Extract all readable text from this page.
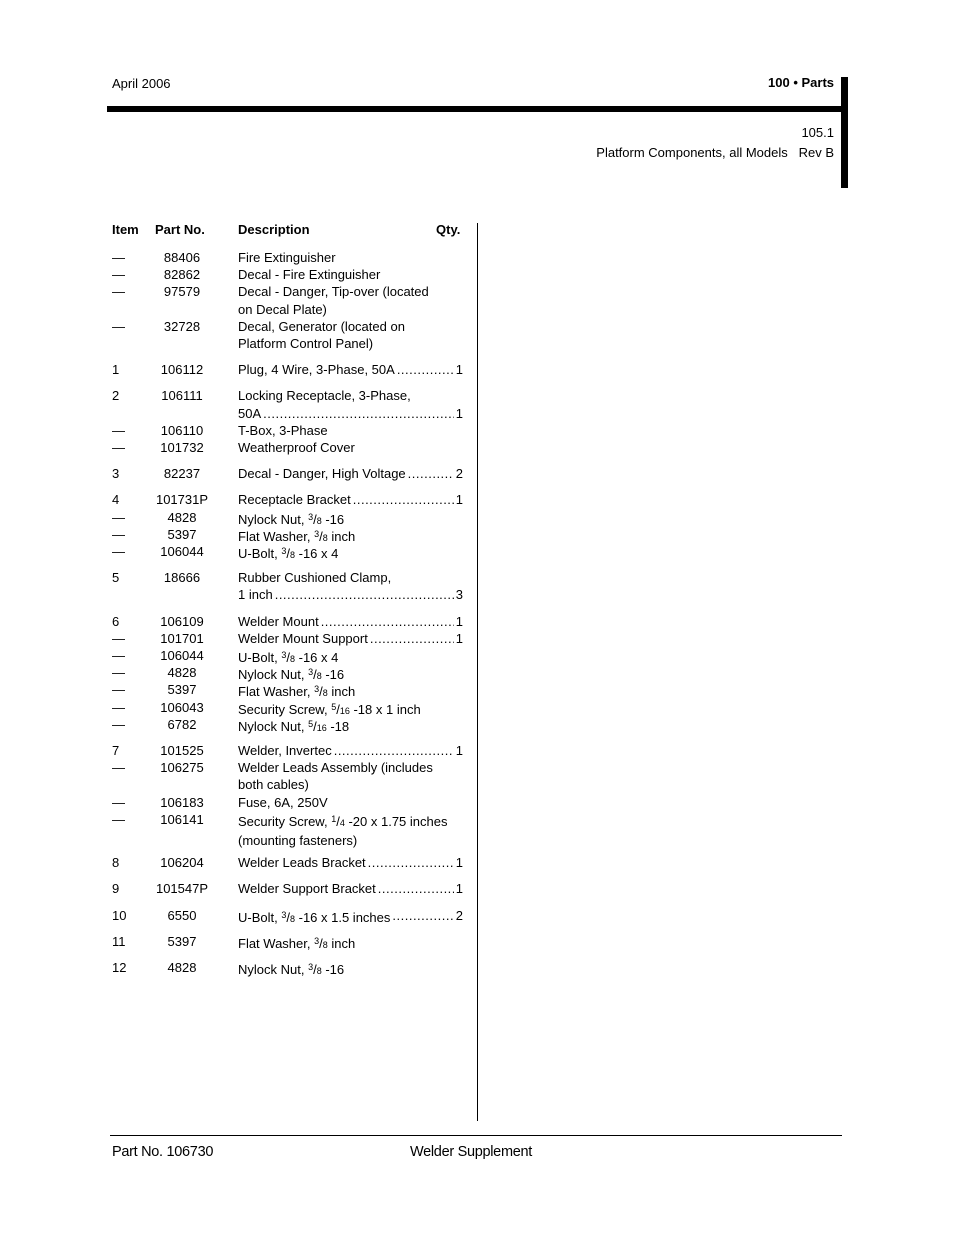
April 2006	100 • Parts
105.1
Platform Components, all Models   Rev B
Item Part No.	Description	Qty.
—	88406	Fire Extinguisher
—	82862	Decal - Fire Extinguisher
—	97579	Decal - Danger, Tip-over (located
on Decal Plate)
—	32728	Decal, Generator (located on
Platform Control Panel)
1	106112	Plug, 4 Wire, 3-Phase, 50A .....	1
2	106111	Locking Receptacle, 3-Phase,
50A .....	1
—	106110	T-Box, 3-Phase
—	101732	Weatherproof Cover
3	82237	Decal - Danger, High Voltage .....	2
4	101731P	Receptacle Bracket .....	1
—	4828	Nylock Nut, $^3$/8 -16
—	5397	Flat Washer, $^3$/8 inch
—	106044	U-Bolt, $^3$/8 -16 x 4
5	18666	Rubber Cushioned Clamp,
1 inch .....	3
6	106109	Welder Mount .....	1
—	101701	Welder Mount Support .....	1
—	106044	U-Bolt, $^3$/8 -16 x 4
—	4828	Nylock Nut, $^3$/8 -16
—	5397	Flat Washer, $^3$/8 inch
—	106043	Security Screw, $^5$/16 -18 x 1 inch
—	6782	Nylock Nut, $^5$/16 -18
7	101525	Welder, Invertec .....	1
—	106275	Welder Leads Assembly (includes
both cables)
—	106183	Fuse, 6A, 250V
—	106141	Security Screw, $^1$/4 -20 x 1.75 inches
(mounting fasteners)
8	106204	Welder Leads Bracket .....	1
9	101547P	Welder Support Bracket .....	1
10	6550	U-Bolt, $^3$/8 -16 x 1.5 inches .....	2
11	5397	Flat Washer, $^3$/8 inch
12	4828	Nylock Nut, $^3$/8 -16
Part No. 106730	Welder Supplement
